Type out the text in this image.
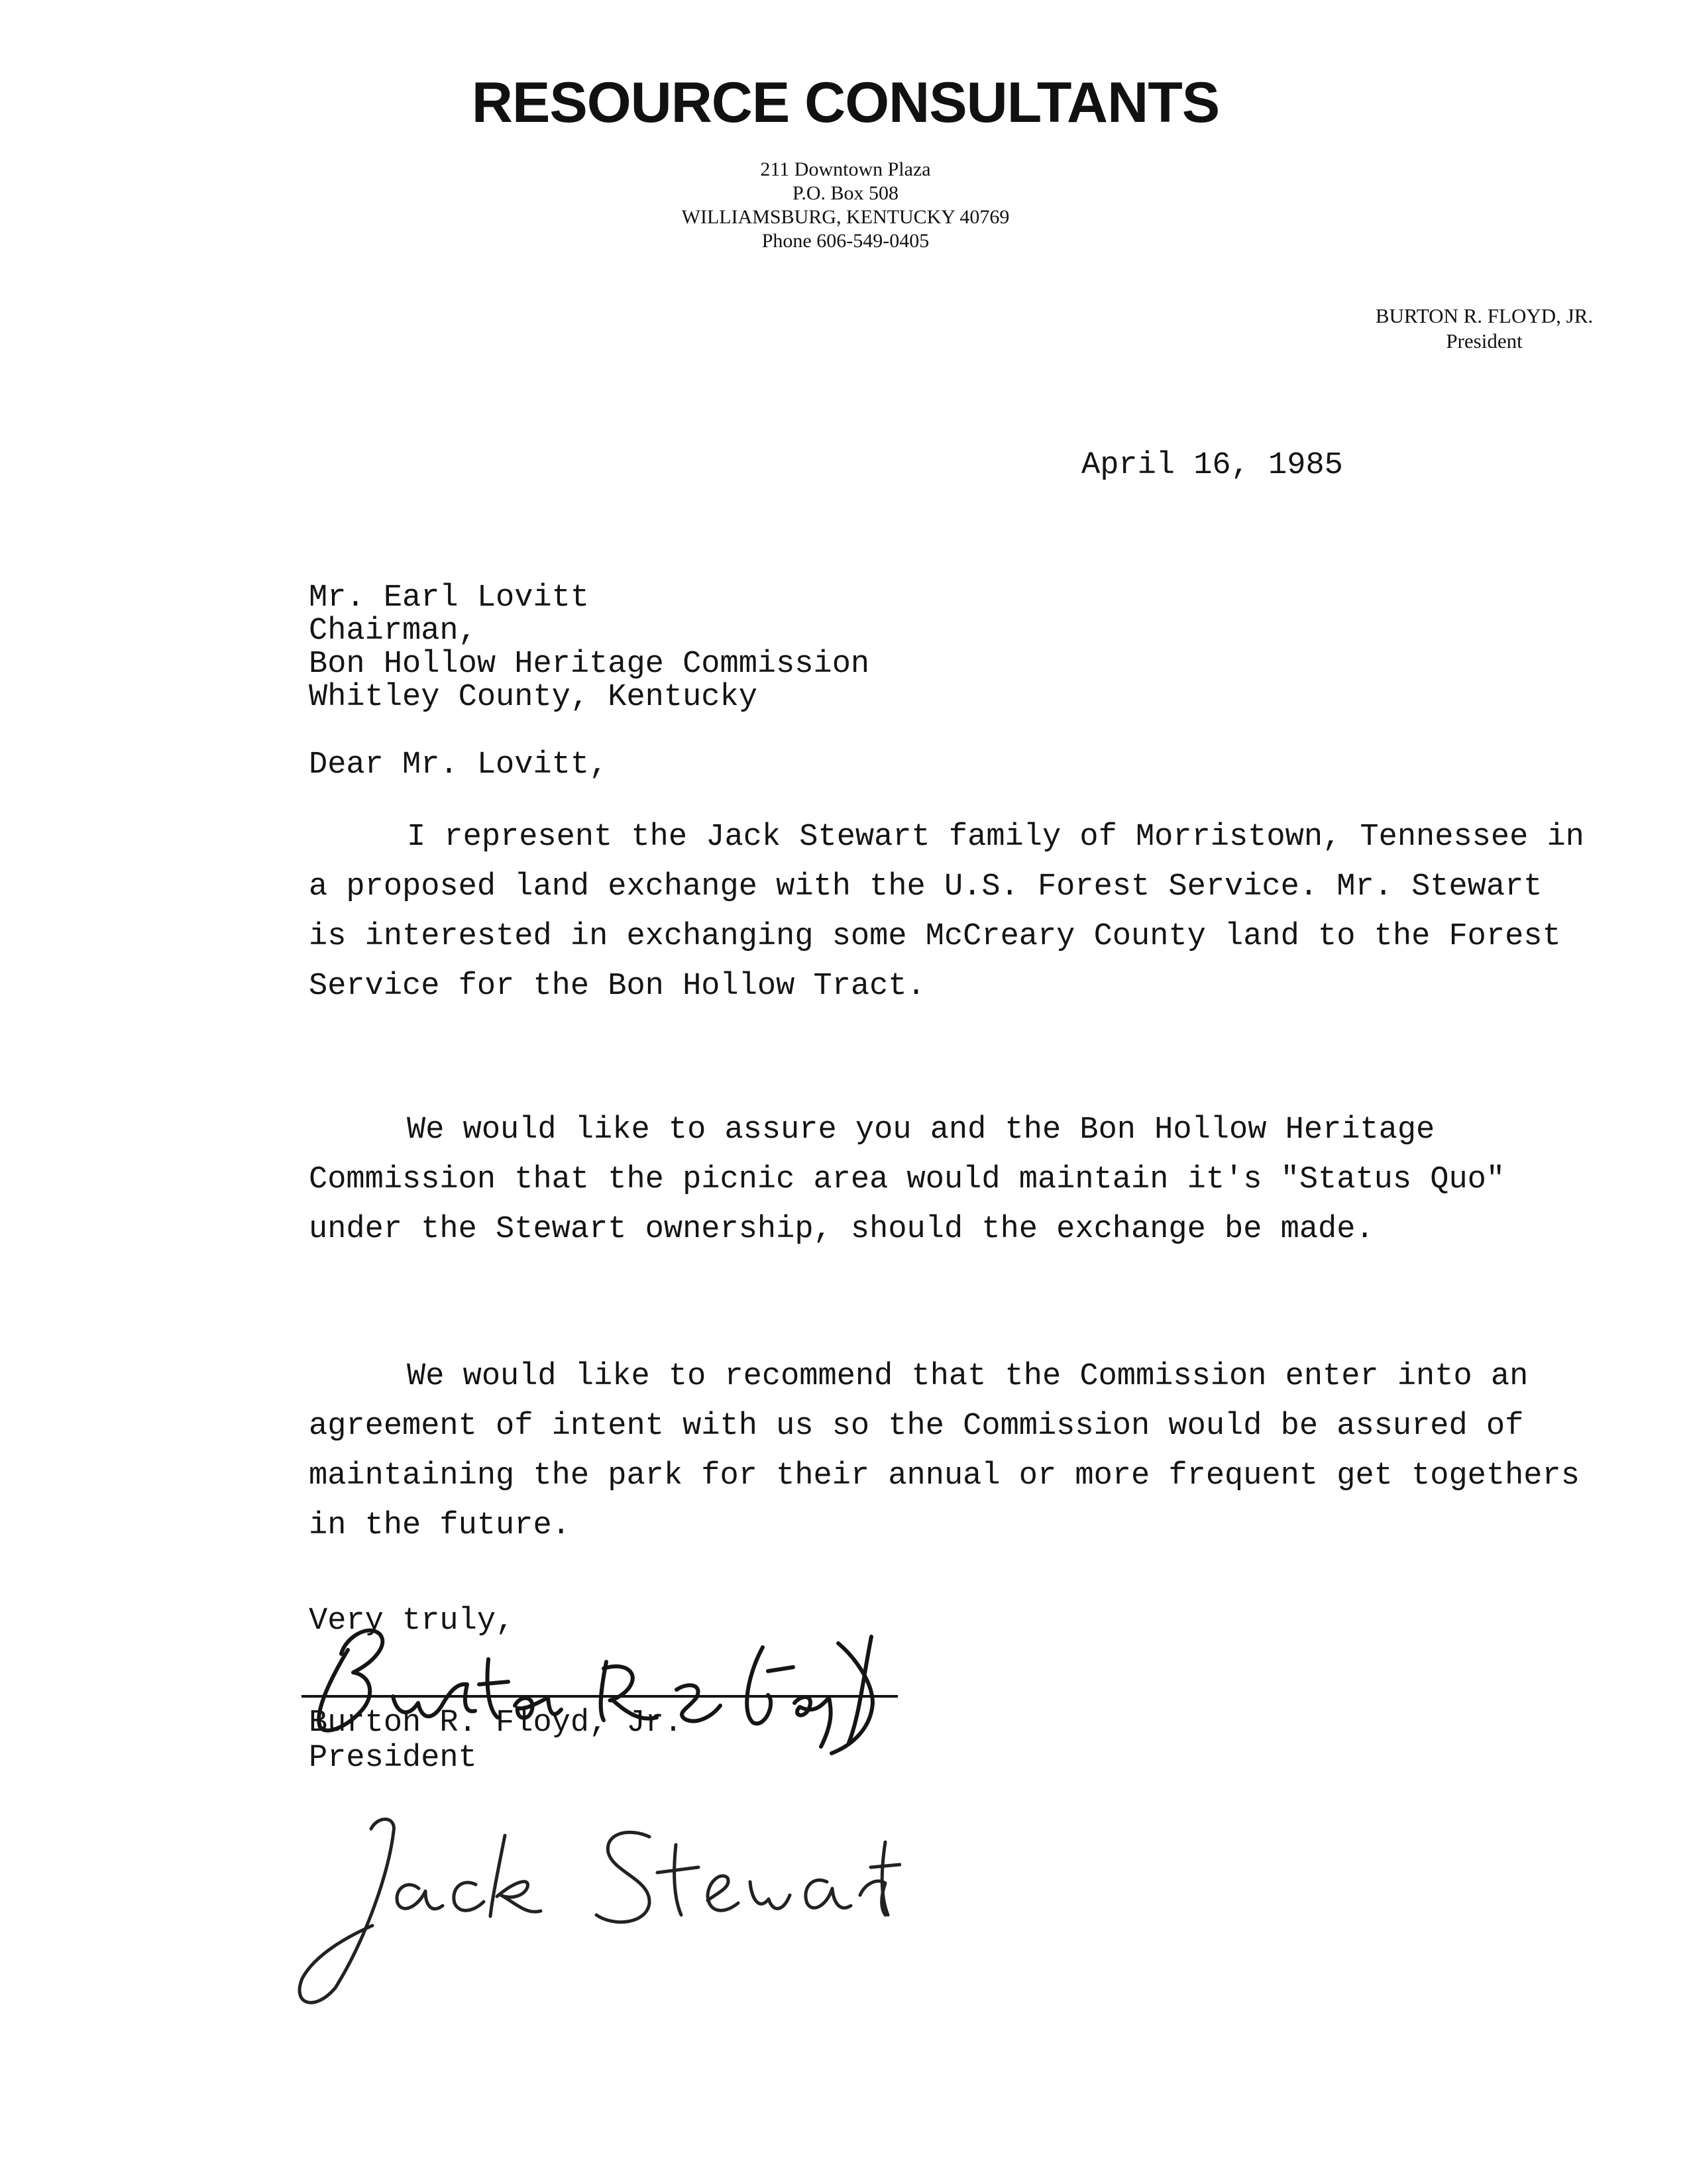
RESOURCE CONSULTANTS
211 Downtown Plaza
P.O. Box 508
WILLIAMSBURG, KENTUCKY 40769
Phone 606-549-0405
BURTON R. FLOYD, JR.
President
April 16, 1985
Mr. Earl Lovitt
Chairman,
Bon Hollow Heritage Commission
Whitley County, Kentucky
Dear Mr. Lovitt,

I represent the Jack Stewart family of Morristown, Tennessee in a proposed land exchange with the U.S. Forest Service. Mr. Stewart is interested in exchanging some McCreary County land to the Forest Service for the Bon Hollow Tract.

We would like to assure you and the Bon Hollow Heritage Commission that the picnic area would maintain it's "Status Quo" under the Stewart ownership, should the exchange be made.

We would like to recommend that the Commission enter into an agreement of intent with us so the Commission would be assured of maintaining the park for their annual or more frequent get togethers in the future.

Very truly,
Burton R. Floyd, Jr.
President
